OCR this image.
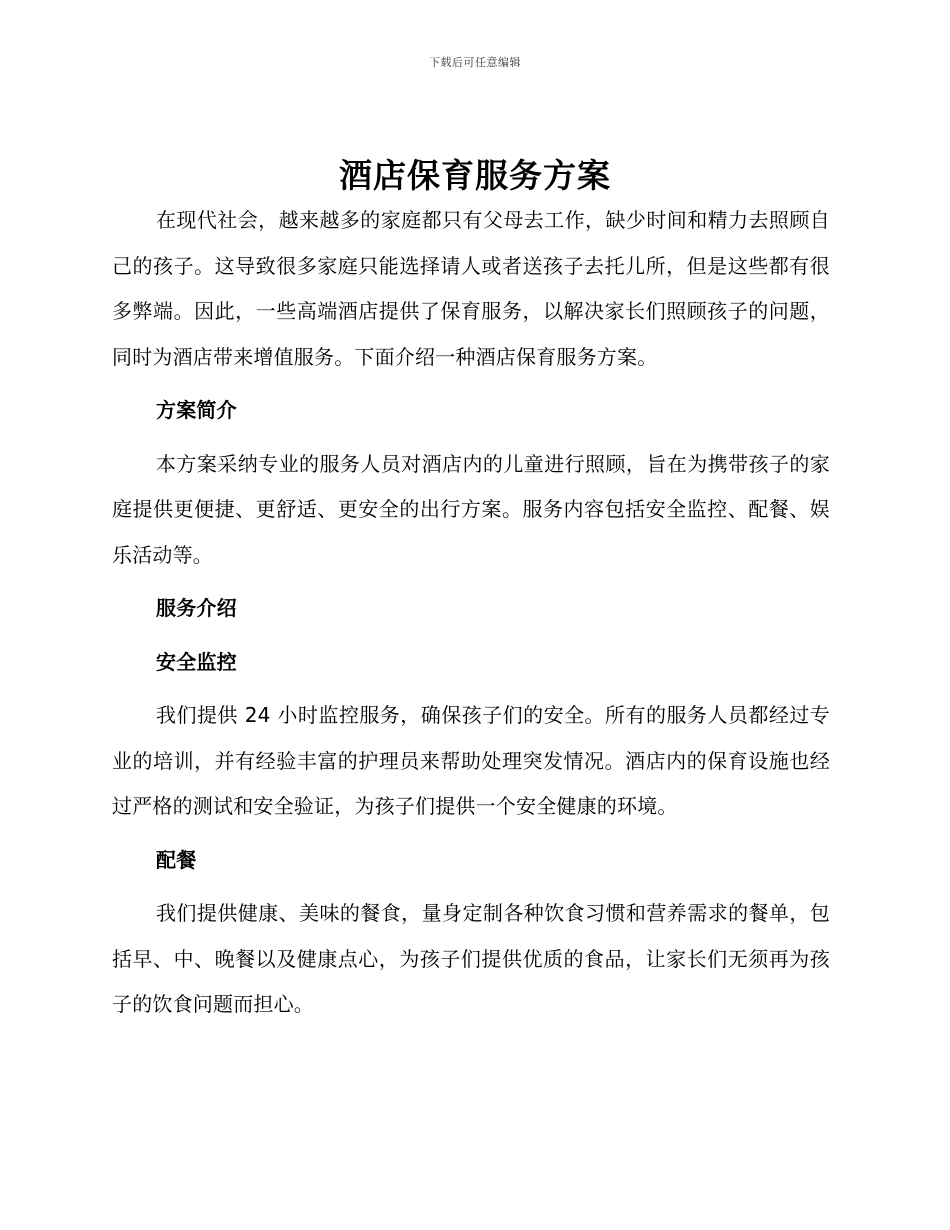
下载后可任意编辑
酒店保育服务方案

在现代社会，越来越多的家庭都只有父母去工作，缺少时间和精力去照顾自己的孩子。这导致很多家庭只能选择请人或者送孩子去托儿所，但是这些都有很多弊端。因此，一些高端酒店提供了保育服务，以解决家长们照顾孩子的问题，同时为酒店带来增值服务。下面介绍一种酒店保育服务方案。

方案简介

本方案采纳专业的服务人员对酒店内的儿童进行照顾，旨在为携带孩子的家庭提供更便捷、更舒适、更安全的出行方案。服务内容包括安全监控、配餐、娱乐活动等。

服务介绍
安全监控

我们提供 24 小时监控服务，确保孩子们的安全。所有的服务人员都经过专业的培训，并有经验丰富的护理员来帮助处理突发情况。酒店内的保育设施也经过严格的测试和安全验证，为孩子们提供一个安全健康的环境。

配餐

我们提供健康、美味的餐食，量身定制各种饮食习惯和营养需求的餐单，包括早、中、晚餐以及健康点心，为孩子们提供优质的食品，让家长们无须再为孩子的饮食问题而担心。
